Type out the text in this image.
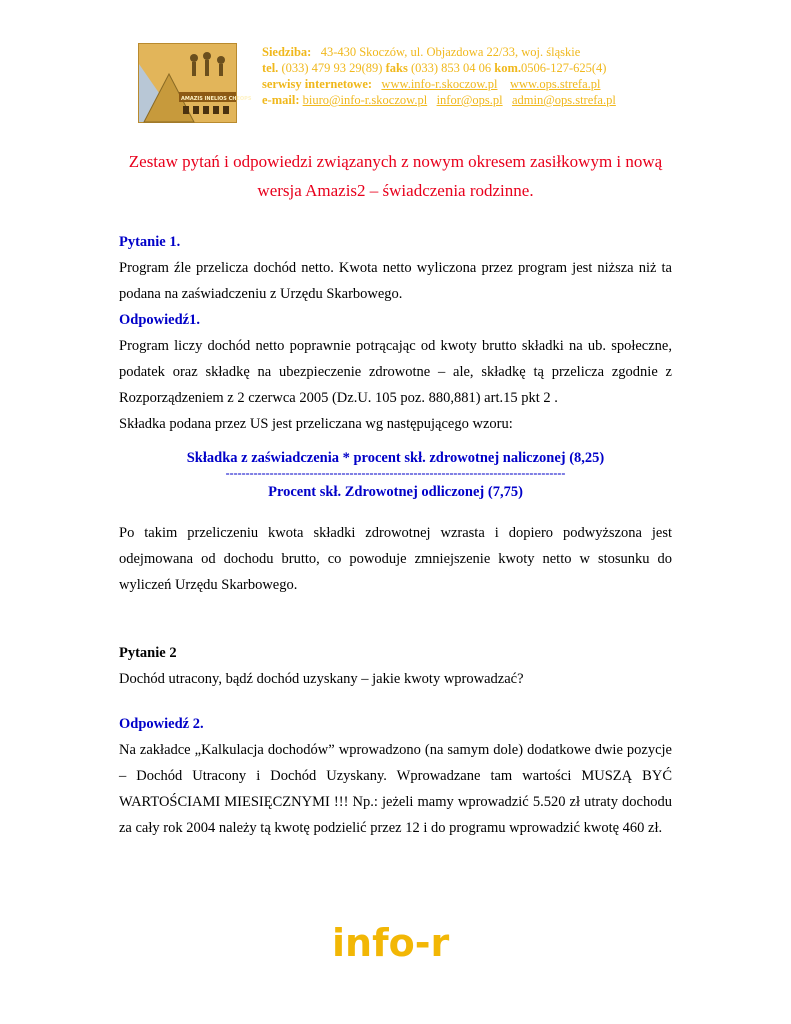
AMAZIS INELIOS CHEOPS
Siedziba: 43-430 Skoczów, ul. Objazdowa 22/33, woj. śląskie
tel. (033) 479 93 29(89) faks (033) 853 04 06 kom.0506-127-625(4)
serwisy internetowe: www.info-r.skoczow.pl www.ops.strefa.pl
e-mail: biuro@info-r.skoczow.pl infor@ops.pl admin@ops.strefa.pl
Zestaw pytań i odpowiedzi związanych z nowym okresem zasiłkowym i nową
wersja Amazis2 – świadczenia rodzinne.

Pytanie 1.

Program źle przelicza dochód netto. Kwota netto wyliczona przez program jest niższa niż ta podana na zaświadczeniu z Urzędu Skarbowego.

Odpowiedź1.

Program liczy dochód netto poprawnie potrącając od kwoty brutto składki na ub. społeczne, podatek oraz składkę na ubezpieczenie zdrowotne – ale, składkę tą przelicza zgodnie z Rozporządzeniem z 2 czerwca 2005 (Dz.U. 105 poz. 880,881) art.15 pkt 2 .

Składka podana przez US jest przeliczana wg następującego wzoru:

Składka z zaświadczenia * procent skł. zdrowotnej naliczonej (8,25)
-------------------------------------------------------------------------------------
Procent skł. Zdrowotnej odliczonej (7,75)

Po takim przeliczeniu kwota składki zdrowotnej wzrasta i dopiero podwyższona jest odejmowana od dochodu brutto, co powoduje zmniejszenie kwoty netto w stosunku do wyliczeń Urzędu Skarbowego.

Pytanie 2

Dochód utracony, bądź dochód uzyskany – jakie kwoty wprowadzać?

Odpowiedź 2.

Na zakładce „Kalkulacja dochodów” wprowadzono (na samym dole) dodatkowe dwie pozycje – Dochód Utracony i Dochód Uzyskany. Wprowadzane tam wartości MUSZĄ BYĆ WARTOŚCIAMI MIESIĘCZNYMI !!! Np.: jeżeli mamy wprowadzić 5.520 zł utraty dochodu za cały rok 2004 należy tą kwotę podzielić przez 12 i do programu wprowadzić kwotę 460 zł.

info-r
